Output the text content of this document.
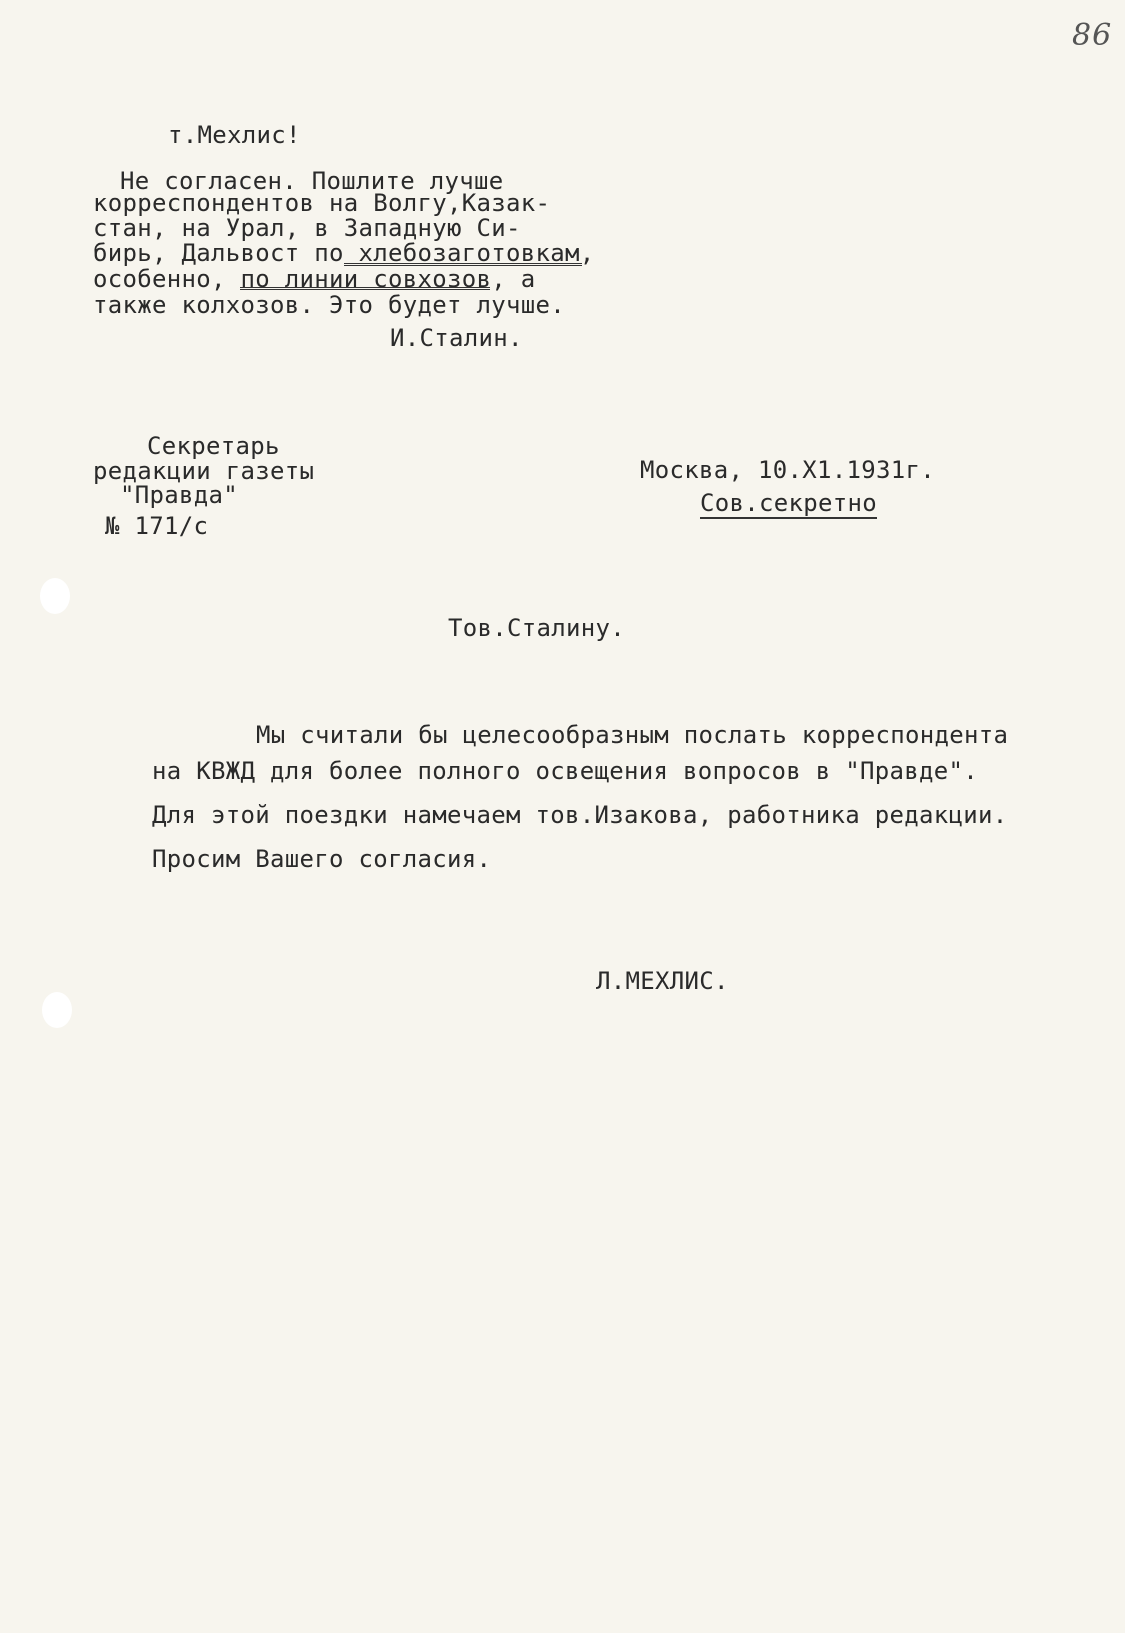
86
т.Мехлис!
Не согласен. Пошлите лучше
корреспондентов на Волгу,Казак-
стан, на Урал, в Западную Си-
бирь, Дальвост по хлебозаготовкам,
особенно, по линии совхозов, а
также колхозов. Это будет лучше.
И.Сталин.
Секретарь
редакции газеты
"Правда"
№ 171/с
Москва, 10.Х1.1931г.
Сов.секретно
Тов.Сталину.
Мы считали бы целесообразным послать корреспондента
на КВЖД для более полного освещения вопросов в "Правде".
Для этой поездки намечаем тов.Изакова, работника редакции.
Просим Вашего согласия.
Л.МЕХЛИС.
